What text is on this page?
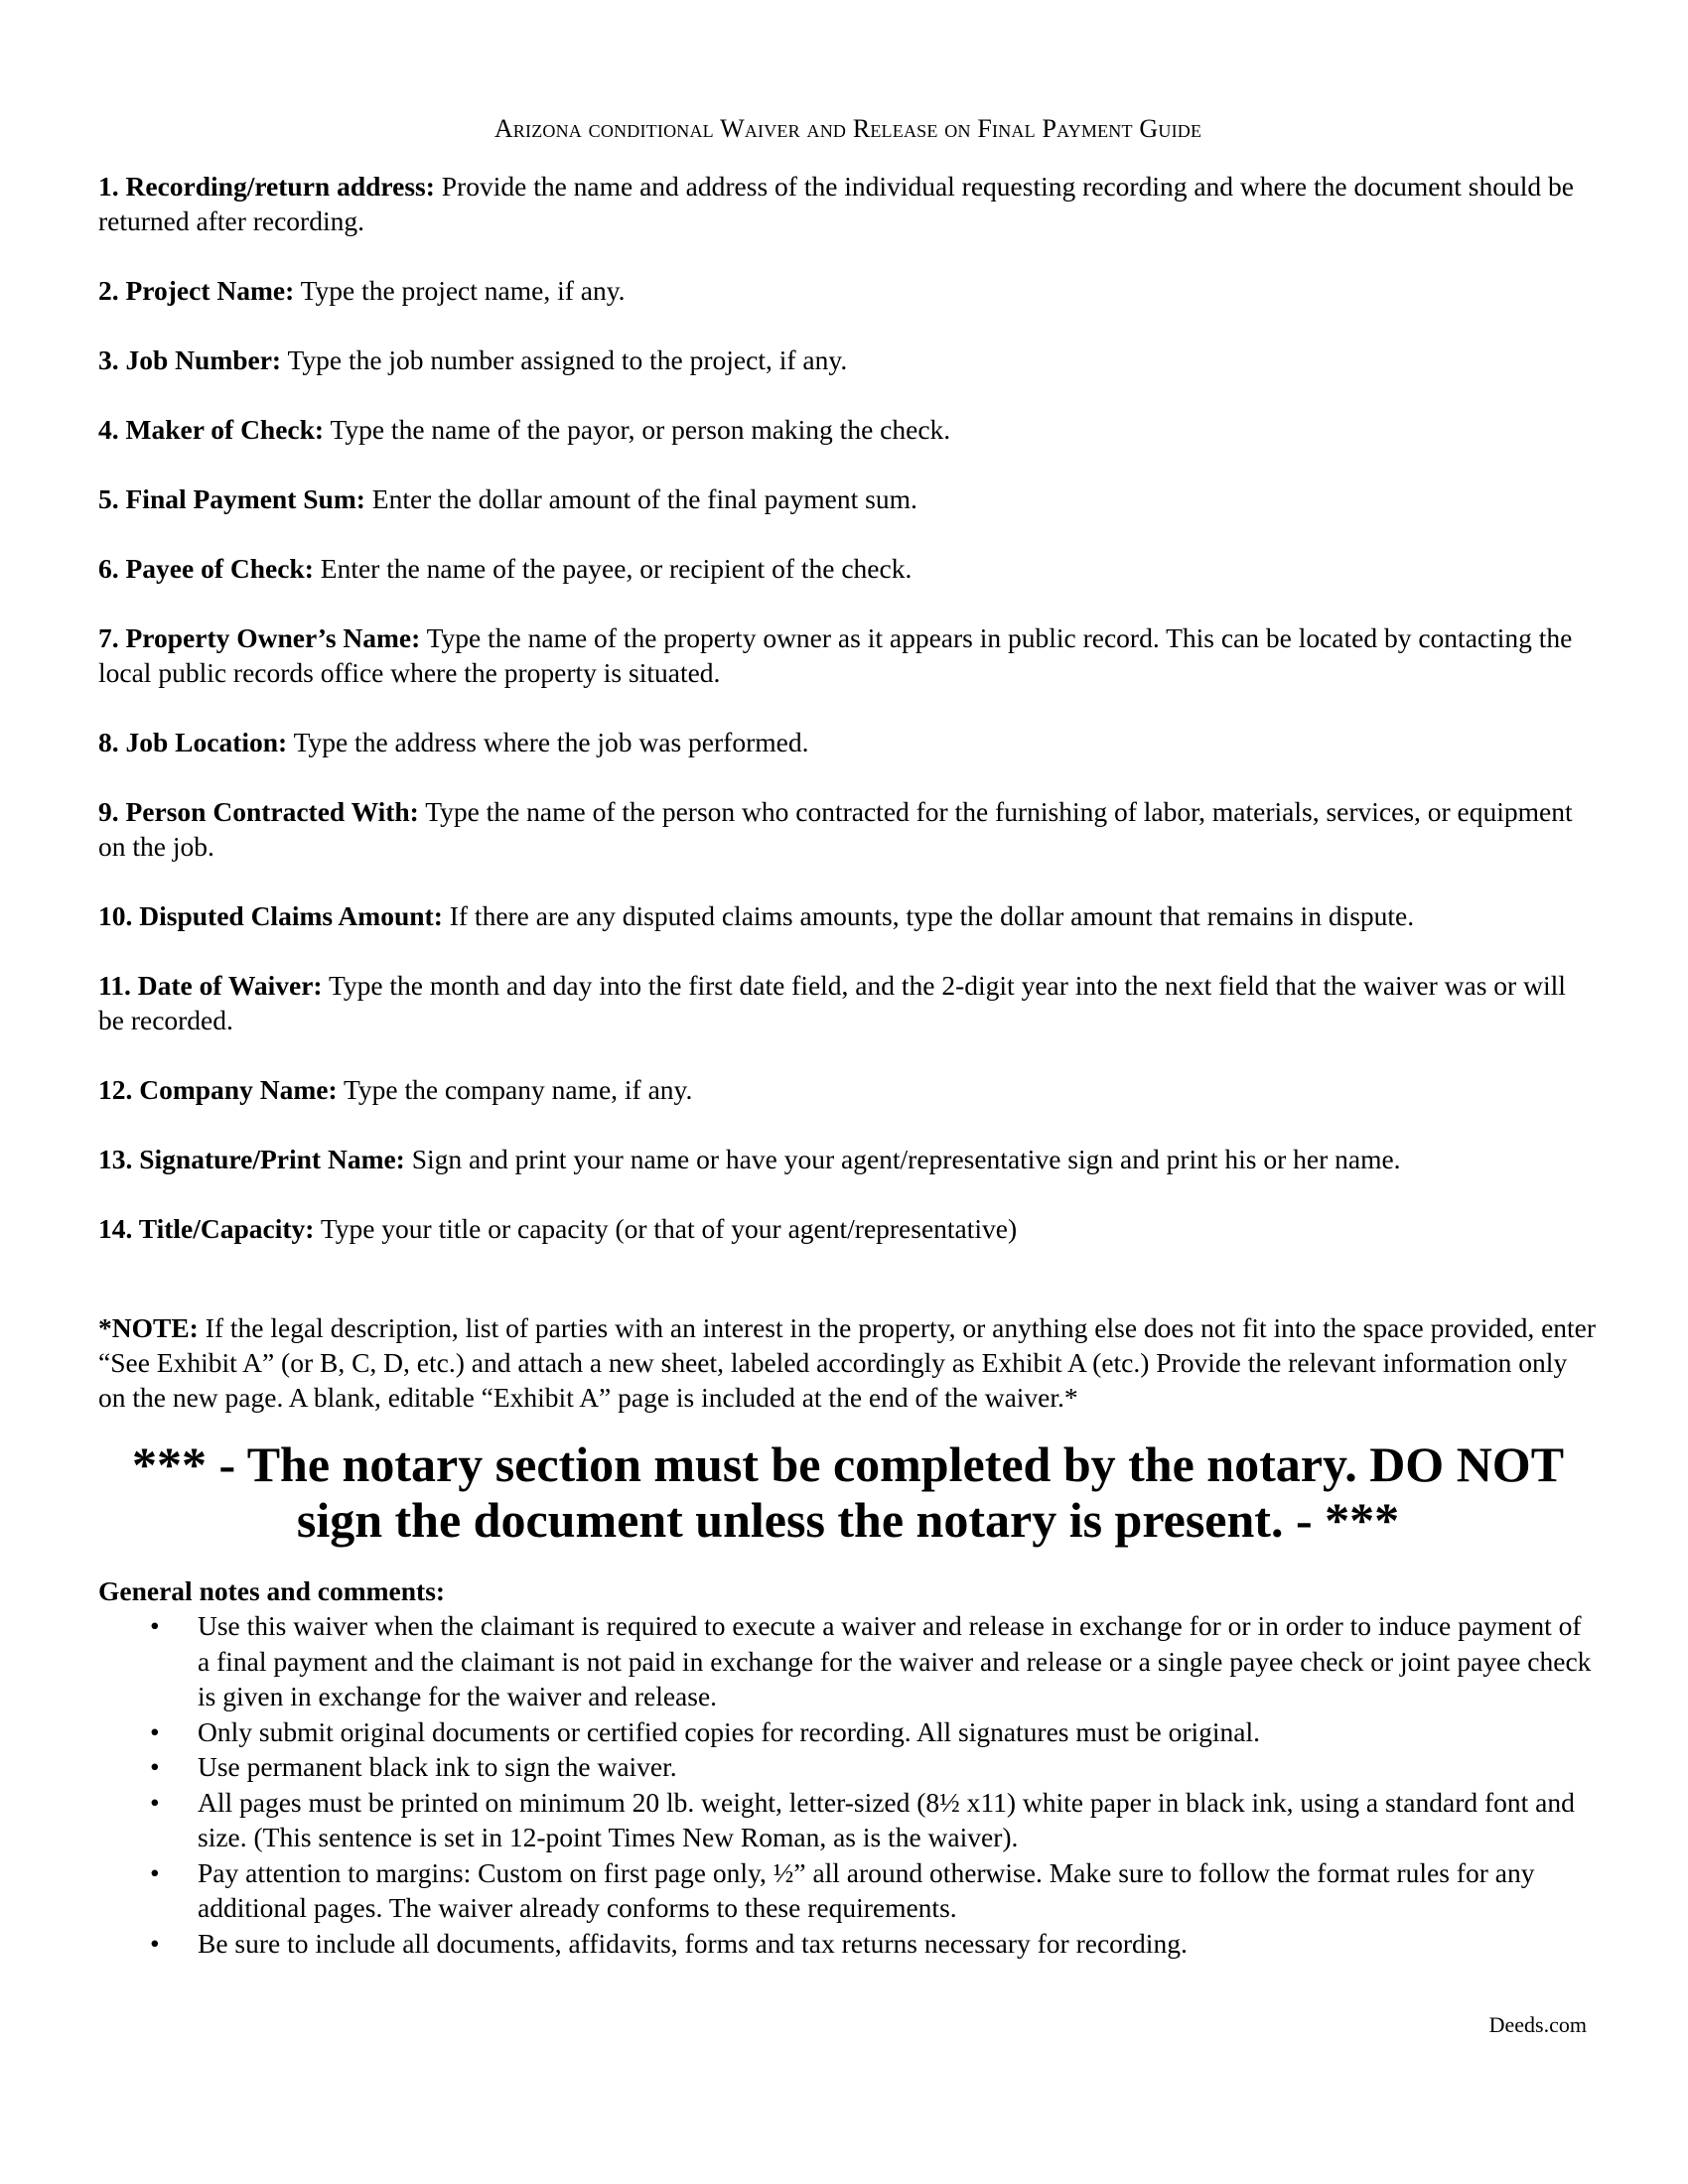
Arizona conditional Waiver and Release on Final Payment Guide
1. Recording/return address: Provide the name and address of the individual requesting recording and where the document should be returned after recording.
2. Project Name: Type the project name, if any.
3. Job Number: Type the job number assigned to the project, if any.
4. Maker of Check: Type the name of the payor, or person making the check.
5. Final Payment Sum: Enter the dollar amount of the final payment sum.
6. Payee of Check: Enter the name of the payee, or recipient of the check.
7. Property Owner’s Name: Type the name of the property owner as it appears in public record. This can be located by contacting the local public records office where the property is situated.
8. Job Location: Type the address where the job was performed.
9. Person Contracted With: Type the name of the person who contracted for the furnishing of labor, materials, services, or equipment on the job.
10. Disputed Claims Amount: If there are any disputed claims amounts, type the dollar amount that remains in dispute.
11. Date of Waiver: Type the month and day into the first date field, and the 2-digit year into the next field that the waiver was or will be recorded.
12. Company Name: Type the company name, if any.
13. Signature/Print Name: Sign and print your name or have your agent/representative sign and print his or her name.
14. Title/Capacity: Type your title or capacity (or that of your agent/representative)
*NOTE: If the legal description, list of parties with an interest in the property, or anything else does not fit into the space provided, enter “See Exhibit A” (or B, C, D, etc.) and attach a new sheet, labeled accordingly as Exhibit A (etc.) Provide the relevant information only on the new page. A blank, editable “Exhibit A” page is included at the end of the waiver.*
*** - The notary section must be completed by the notary. DO NOT sign the document unless the notary is present. - ***
General notes and comments:
• Use this waiver when the claimant is required to execute a waiver and release in exchange for or in order to induce payment of a final payment and the claimant is not paid in exchange for the waiver and release or a single payee check or joint payee check is given in exchange for the waiver and release.
• Only submit original documents or certified copies for recording. All signatures must be original.
• Use permanent black ink to sign the waiver.
• All pages must be printed on minimum 20 lb. weight, letter-sized (8½ x11) white paper in black ink, using a standard font and size. (This sentence is set in 12-point Times New Roman, as is the waiver).
• Pay attention to margins: Custom on first page only, ½” all around otherwise. Make sure to follow the format rules for any additional pages. The waiver already conforms to these requirements.
• Be sure to include all documents, affidavits, forms and tax returns necessary for recording.
Deeds.com
